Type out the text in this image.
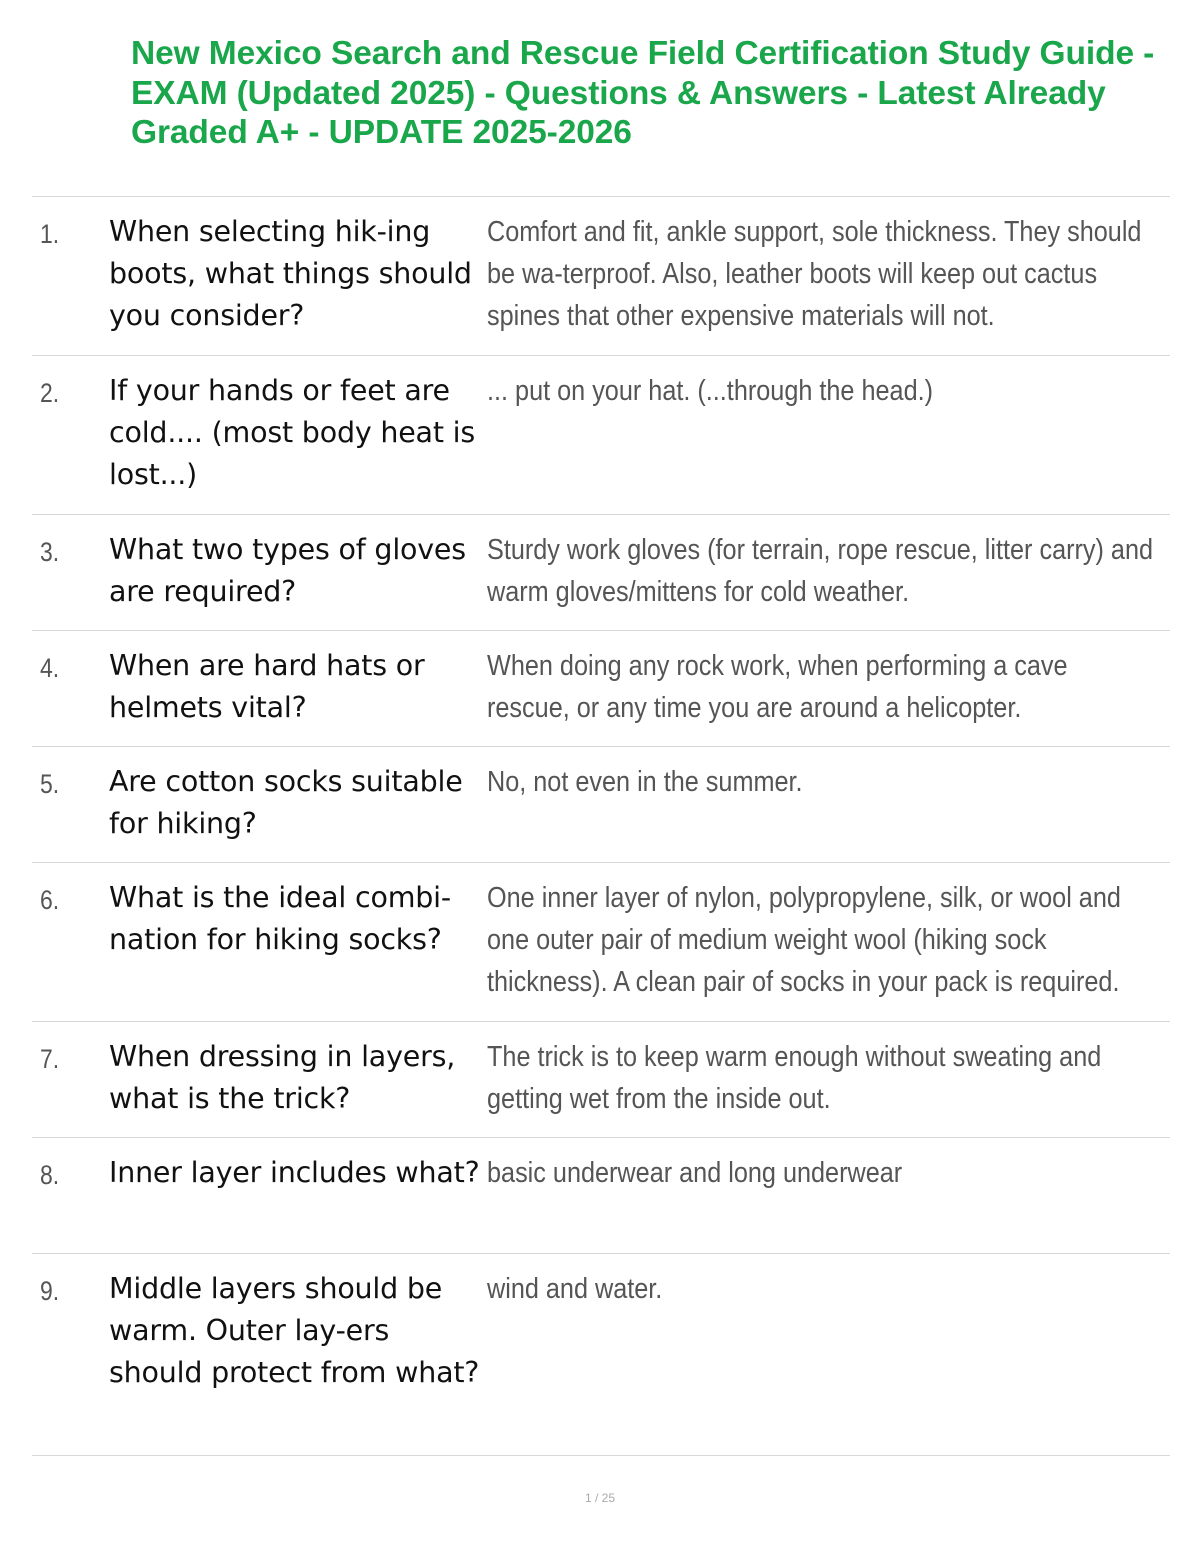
New Mexico Search and Rescue Field Certification Study Guide - EXAM (Updated 2025) - Questions & Answers - Latest Already Graded A+ - UPDATE 2025-2026
1. When selecting hik-ing boots, what things should you consider?
Comfort and fit, ankle support, sole thickness. They should be wa-terproof. Also, leather boots will keep out cactus spines that other expensive materials will not.
2. If your hands or feet are cold.... (most body heat is lost...)
... put on your hat. (...through the head.)
3. What two types of gloves are required?
Sturdy work gloves (for terrain, rope rescue, litter carry) and warm gloves/mittens for cold weather.
4. When are hard hats or helmets vital?
When doing any rock work, when performing a cave rescue, or any time you are around a helicopter.
5. Are cotton socks suitable for hiking?
No, not even in the summer.
6. What is the ideal combi-nation for hiking socks?
One inner layer of nylon, polypropylene, silk, or wool and one outer pair of medium weight wool (hiking sock thickness). A clean pair of socks in your pack is required.
7. When dressing in layers, what is the trick?
The trick is to keep warm enough without sweating and getting wet from the inside out.
8. Inner layer includes what? basic underwear and long underwear
9. Middle layers should be warm. Outer lay-ers should protect from what?
wind and water.
1 / 25
